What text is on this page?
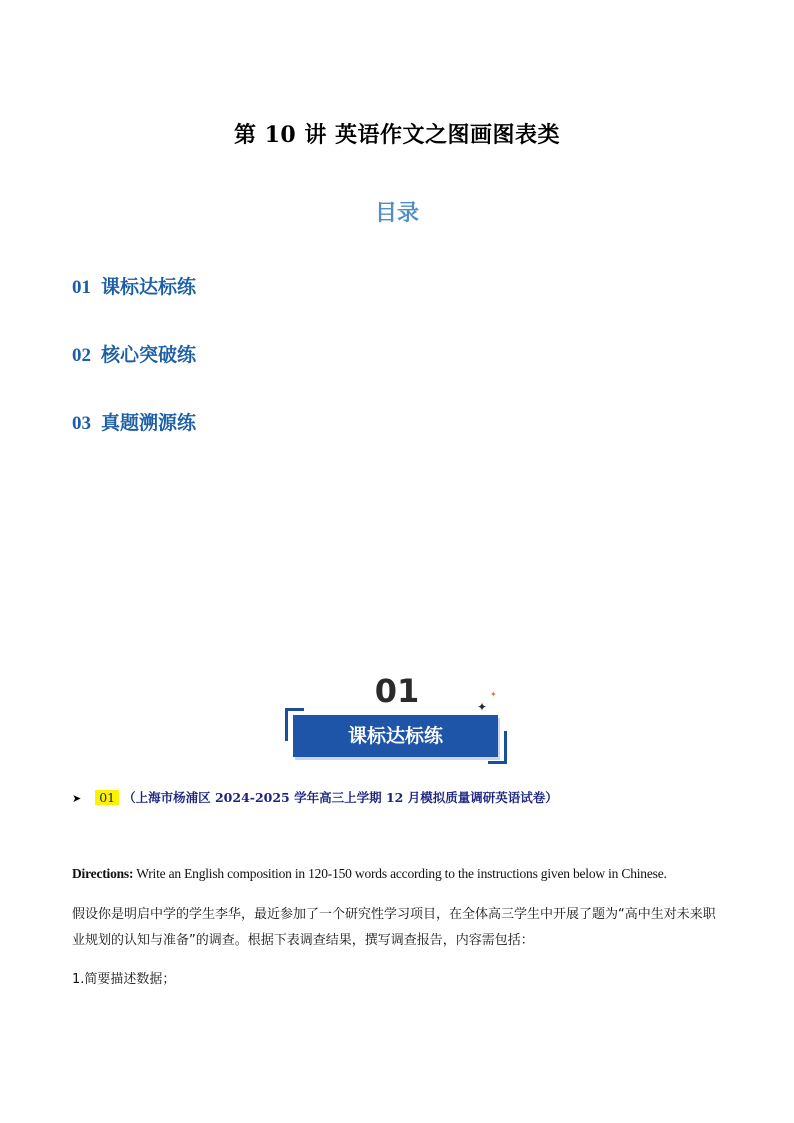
第 10 讲 英语作文之图画图表类
目录
01 课标达标练
02 核心突破练
03 真题溯源练
01
课标达标练
✦
✦
➤ 01 （上海市杨浦区 2024-2025 学年高三上学期 12 月模拟质量调研英语试卷）
Directions: Write an English composition in 120-150 words according to the instructions given below in Chinese.
假设你是明启中学的学生李华，最近参加了一个研究性学习项目，在全体高三学生中开展了题为“高中生对未来职业规划的认知与准备”的调查。根据下表调查结果，撰写调查报告，内容需包括：
1.简要描述数据；
